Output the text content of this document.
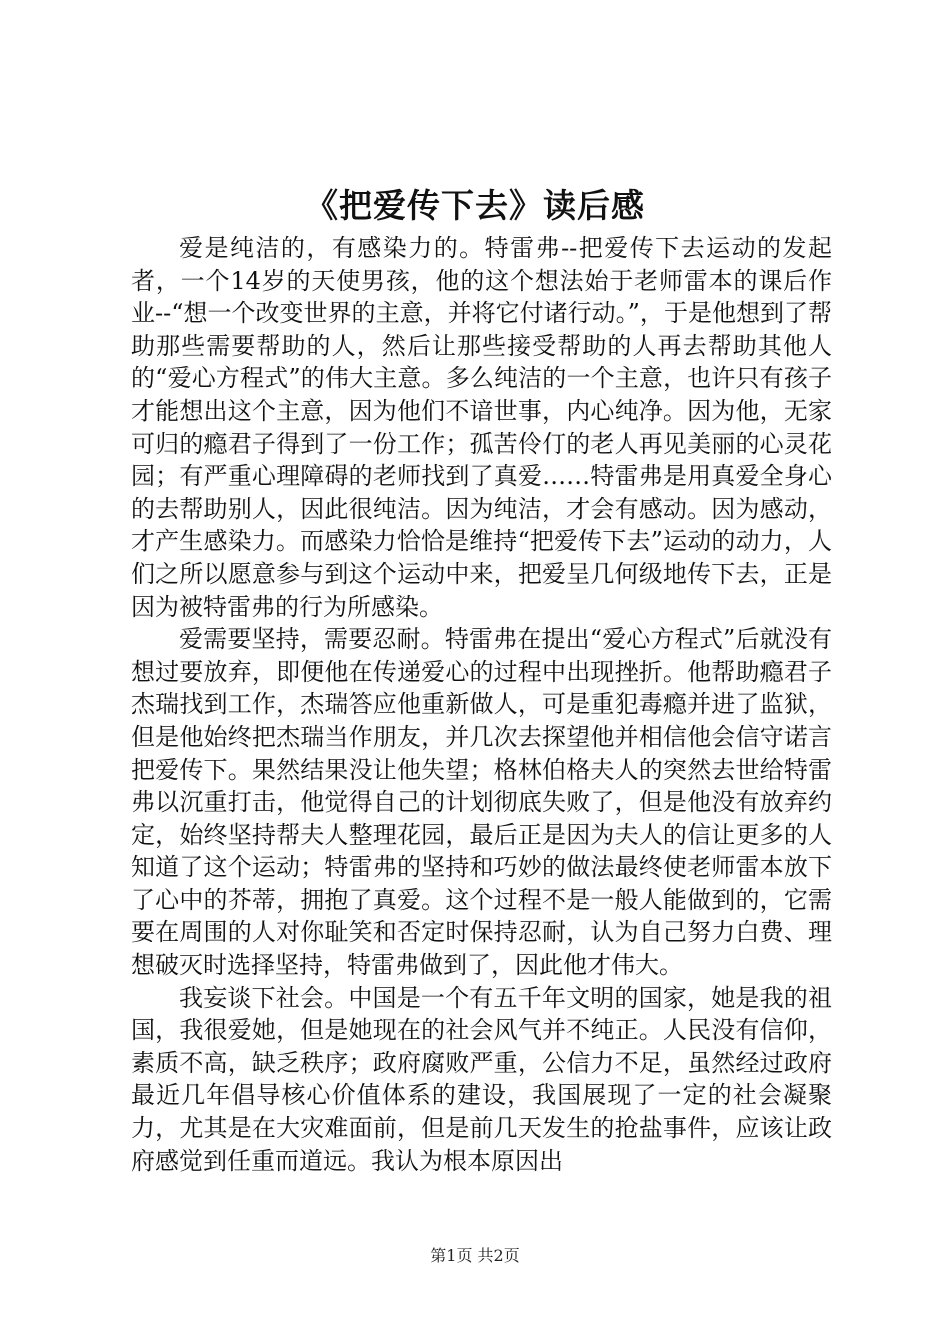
《把爱传下去》读后感

爱是纯洁的，有感染力的。特雷弗--把爱传下去运动的发起者，一个14岁的天使男孩，他的这个想法始于老师雷本的课后作业--“想一个改变世界的主意，并将它付诸行动。”，于是他想到了帮助那些需要帮助的人，然后让那些接受帮助的人再去帮助其他人的“爱心方程式”的伟大主意。多么纯洁的一个主意，也许只有孩子才能想出这个主意，因为他们不谙世事，内心纯净。因为他，无家可归的瘾君子得到了一份工作；孤苦伶仃的老人再见美丽的心灵花园；有严重心理障碍的老师找到了真爱……特雷弗是用真爱全身心的去帮助别人，因此很纯洁。因为纯洁，才会有感动。因为感动，才产生感染力。而感染力恰恰是维持“把爱传下去”运动的动力，人们之所以愿意参与到这个运动中来，把爱呈几何级地传下去，正是因为被特雷弗的行为所感染。

爱需要坚持，需要忍耐。特雷弗在提出“爱心方程式”后就没有想过要放弃，即便他在传递爱心的过程中出现挫折。他帮助瘾君子杰瑞找到工作，杰瑞答应他重新做人，可是重犯毒瘾并进了监狱，但是他始终把杰瑞当作朋友，并几次去探望他并相信他会信守诺言把爱传下。果然结果没让他失望；格林伯格夫人的突然去世给特雷弗以沉重打击，他觉得自己的计划彻底失败了，但是他没有放弃约定，始终坚持帮夫人整理花园，最后正是因为夫人的信让更多的人知道了这个运动；特雷弗的坚持和巧妙的做法最终使老师雷本放下了心中的芥蒂，拥抱了真爱。这个过程不是一般人能做到的，它需要在周围的人对你耻笑和否定时保持忍耐，认为自己努力白费、理想破灭时选择坚持，特雷弗做到了，因此他才伟大。

我妄谈下社会。中国是一个有五千年文明的国家，她是我的祖国，我很爱她，但是她现在的社会风气并不纯正。人民没有信仰，素质不高，缺乏秩序；政府腐败严重，公信力不足，虽然经过政府最近几年倡导核心价值体系的建设，我国展现了一定的社会凝聚力，尤其是在大灾难面前，但是前几天发生的抢盐事件，应该让政府感觉到任重而道远。我认为根本原因出

第1页 共2页
